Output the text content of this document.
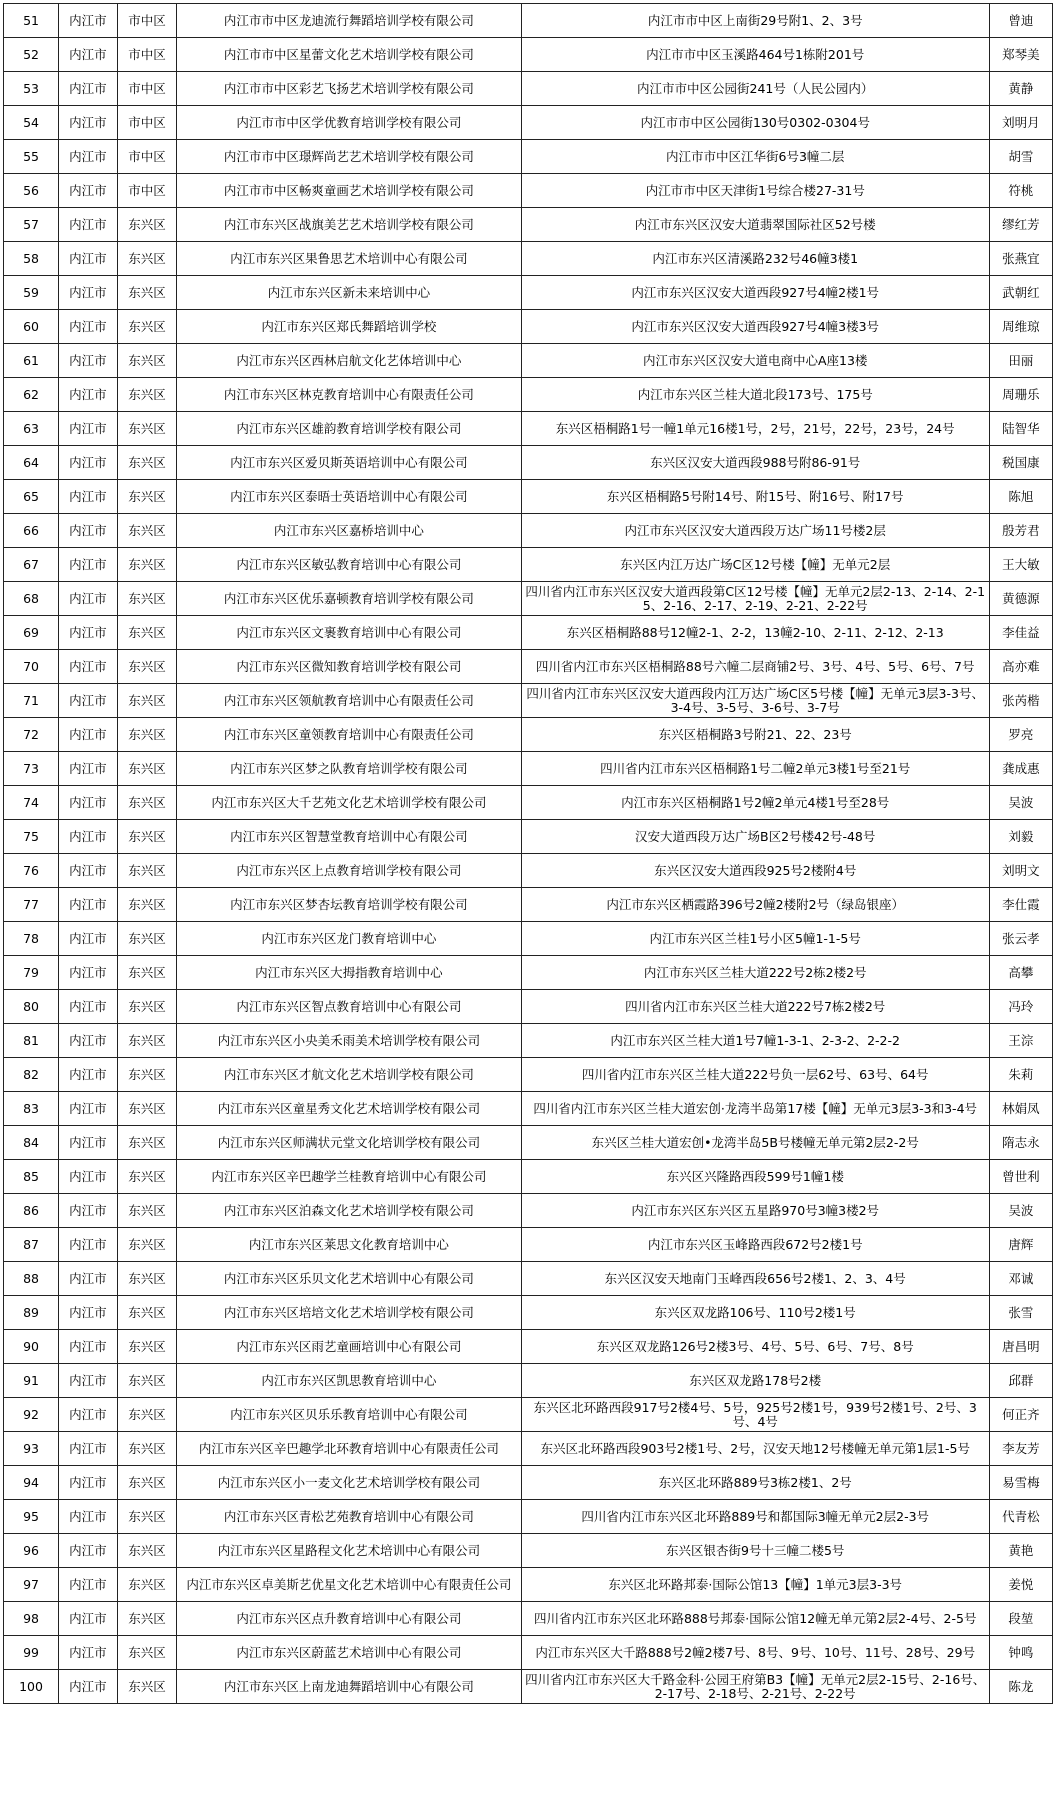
51	内江市	市中区	内江市市中区龙迪流行舞蹈培训学校有限公司	内江市市中区上南街29号附1、2、3号	曾迪
52	内江市	市中区	内江市市中区星蕾文化艺术培训学校有限公司	内江市市中区玉溪路464号1栋附201号	郑琴美
53	内江市	市中区	内江市市中区彩艺飞扬艺术培训学校有限公司	内江市市中区公园街241号（人民公园内）	黄静
54	内江市	市中区	内江市市中区学优教育培训学校有限公司	内江市市中区公园街130号0302-0304号	刘明月
55	内江市	市中区	内江市市中区璟辉尚艺艺术培训学校有限公司	内江市市中区江华街6号3幢二层	胡雪
56	内江市	市中区	内江市市中区畅爽童画艺术培训学校有限公司	内江市市中区天津街1号综合楼27-31号	符桃
57	内江市	东兴区	内江市东兴区战旗美艺艺术培训学校有限公司	内江市东兴区汉安大道翡翠国际社区52号楼	缪红芳
58	内江市	东兴区	内江市东兴区果鲁思艺术培训中心有限公司	内江市东兴区清溪路232号46幢3楼1	张燕宜
59	内江市	东兴区	内江市东兴区新未来培训中心	内江市东兴区汉安大道西段927号4幢2楼1号	武朝红
60	内江市	东兴区	内江市东兴区郑氏舞蹈培训学校	内江市东兴区汉安大道西段927号4幢3楼3号	周维琼
61	内江市	东兴区	内江市东兴区西林启航文化艺体培训中心	内江市东兴区汉安大道电商中心A座13楼	田丽
62	内江市	东兴区	内江市东兴区林克教育培训中心有限责任公司	内江市东兴区兰桂大道北段173号、175号	周珊乐
63	内江市	东兴区	内江市东兴区雄韵教育培训学校有限公司	东兴区梧桐路1号一幢1单元16楼1号，2号，21号，22号，23号，24号	陆智华
64	内江市	东兴区	内江市东兴区爱贝斯英语培训中心有限公司	东兴区汉安大道西段988号附86-91号	税国康
65	内江市	东兴区	内江市东兴区泰晤士英语培训中心有限公司	东兴区梧桐路5号附14号、附15号、附16号、附17号	陈旭
66	内江市	东兴区	内江市东兴区嘉桥培训中心	内江市东兴区汉安大道西段万达广场11号楼2层	殷芳君
67	内江市	东兴区	内江市东兴区敏弘教育培训中心有限公司	东兴区内江万达广场C区12号楼【幢】无单元2层	王大敏
68	内江市	东兴区	内江市东兴区优乐嘉顿教育培训学校有限公司	四川省内江市东兴区汉安大道西段第C区12号楼【幢】无单元2层2-13、2-14、2-15、2-16、2-17、2-19、2-21、2-22号	黄德源
69	内江市	东兴区	内江市东兴区文裹教育培训中心有限公司	东兴区梧桐路88号12幢2-1、2-2，13幢2-10、2-11、2-12、2-13	李佳益
70	内江市	东兴区	内江市东兴区微知教育培训学校有限公司	四川省内江市东兴区梧桐路88号六幢二层商铺2号、3号、4号、5号、6号、7号	高亦难
71	内江市	东兴区	内江市东兴区领航教育培训中心有限责任公司	四川省内江市东兴区汉安大道西段内江万达广场C区5号楼【幢】无单元3层3-3号、3-4号、3-5号、3-6号、3-7号	张芮楷
72	内江市	东兴区	内江市东兴区童领教育培训中心有限责任公司	东兴区梧桐路3号附21、22、23号	罗亮
73	内江市	东兴区	内江市东兴区梦之队教育培训学校有限公司	四川省内江市东兴区梧桐路1号二幢2单元3楼1号至21号	龚成惠
74	内江市	东兴区	内江市东兴区大千艺苑文化艺术培训学校有限公司	内江市东兴区梧桐路1号2幢2单元4楼1号至28号	吴波
75	内江市	东兴区	内江市东兴区智慧堂教育培训中心有限公司	汉安大道西段万达广场B区2号楼42号-48号	刘毅
76	内江市	东兴区	内江市东兴区上点教育培训学校有限公司	东兴区汉安大道西段925号2楼附4号	刘明文
77	内江市	东兴区	内江市东兴区梦杏坛教育培训学校有限公司	内江市东兴区栖霞路396号2幢2楼附2号（绿岛银座）	李仕霞
78	内江市	东兴区	内江市东兴区龙门教育培训中心	内江市东兴区兰桂1号小区5幢1-1-5号	张云孝
79	内江市	东兴区	内江市东兴区大拇指教育培训中心	内江市东兴区兰桂大道222号2栋2楼2号	高攀
80	内江市	东兴区	内江市东兴区智点教育培训中心有限公司	四川省内江市东兴区兰桂大道222号7栋2楼2号	冯玲
81	内江市	东兴区	内江市东兴区小央美禾雨美术培训学校有限公司	内江市东兴区兰桂大道1号7幢1-3-1、2-3-2、2-2-2	王淙
82	内江市	东兴区	内江市东兴区才航文化艺术培训学校有限公司	四川省内江市东兴区兰桂大道222号负一层62号、63号、64号	朱莉
83	内江市	东兴区	内江市东兴区童星秀文化艺术培训学校有限公司	四川省内江市东兴区兰桂大道宏创·龙湾半岛第17楼【幢】无单元3层3-3和3-4号	林娟凤
84	内江市	东兴区	内江市东兴区师满状元堂文化培训学校有限公司	东兴区兰桂大道宏创•龙湾半岛5B号楼幢无单元第2层2-2号	隋志永
85	内江市	东兴区	内江市东兴区辛巴趣学兰桂教育培训中心有限公司	东兴区兴隆路西段599号1幢1楼	曾世利
86	内江市	东兴区	内江市东兴区泊森文化艺术培训学校有限公司	内江市东兴区东兴区五星路970号3幢3楼2号	吴波
87	内江市	东兴区	内江市东兴区莱思文化教育培训中心	内江市东兴区玉峰路西段672号2楼1号	唐辉
88	内江市	东兴区	内江市东兴区乐贝文化艺术培训中心有限公司	东兴区汉安天地南门玉峰西段656号2楼1、2、3、4号	邓诚
89	内江市	东兴区	内江市东兴区培培文化艺术培训学校有限公司	东兴区双龙路106号、110号2楼1号	张雪
90	内江市	东兴区	内江市东兴区雨艺童画培训中心有限公司	东兴区双龙路126号2楼3号、4号、5号、6号、7号、8号	唐昌明
91	内江市	东兴区	内江市东兴区凯思教育培训中心	东兴区双龙路178号2楼	邱群
92	内江市	东兴区	内江市东兴区贝乐乐教育培训中心有限公司	东兴区北环路西段917号2楼4号、5号，925号2楼1号，939号2楼1号、2号、3号、4号	何正齐
93	内江市	东兴区	内江市东兴区辛巴趣学北环教育培训中心有限责任公司	东兴区北环路西段903号2楼1号、2号，汉安天地12号楼幢无单元第1层1-5号	李友芳
94	内江市	东兴区	内江市东兴区小一麦文化艺术培训学校有限公司	东兴区北环路889号3栋2楼1、2号	易雪梅
95	内江市	东兴区	内江市东兴区青松艺苑教育培训中心有限公司	四川省内江市东兴区北环路889号和都国际3幢无单元2层2-3号	代青松
96	内江市	东兴区	内江市东兴区星路程文化艺术培训中心有限公司	东兴区银杏街9号十三幢二楼5号	黄艳
97	内江市	东兴区	内江市东兴区卓美斯艺优星文化艺术培训中心有限责任公司	东兴区北环路邦泰·国际公馆13【幢】1单元3层3-3号	姜悦
98	内江市	东兴区	内江市东兴区点升教育培训中心有限公司	四川省内江市东兴区北环路888号邦泰·国际公馆12幢无单元第2层2-4号、2-5号	段堃
99	内江市	东兴区	内江市东兴区蔚蓝艺术培训中心有限公司	内江市东兴区大千路888号2幢2楼7号、8号、9号、10号、11号、28号、29号	钟鸣
100	内江市	东兴区	内江市东兴区上南龙迪舞蹈培训中心有限公司	四川省内江市东兴区大千路金科·公园王府第B3【幢】无单元2层2-15号、2-16号、2-17号、2-18号、2-21号、2-22号	陈龙
